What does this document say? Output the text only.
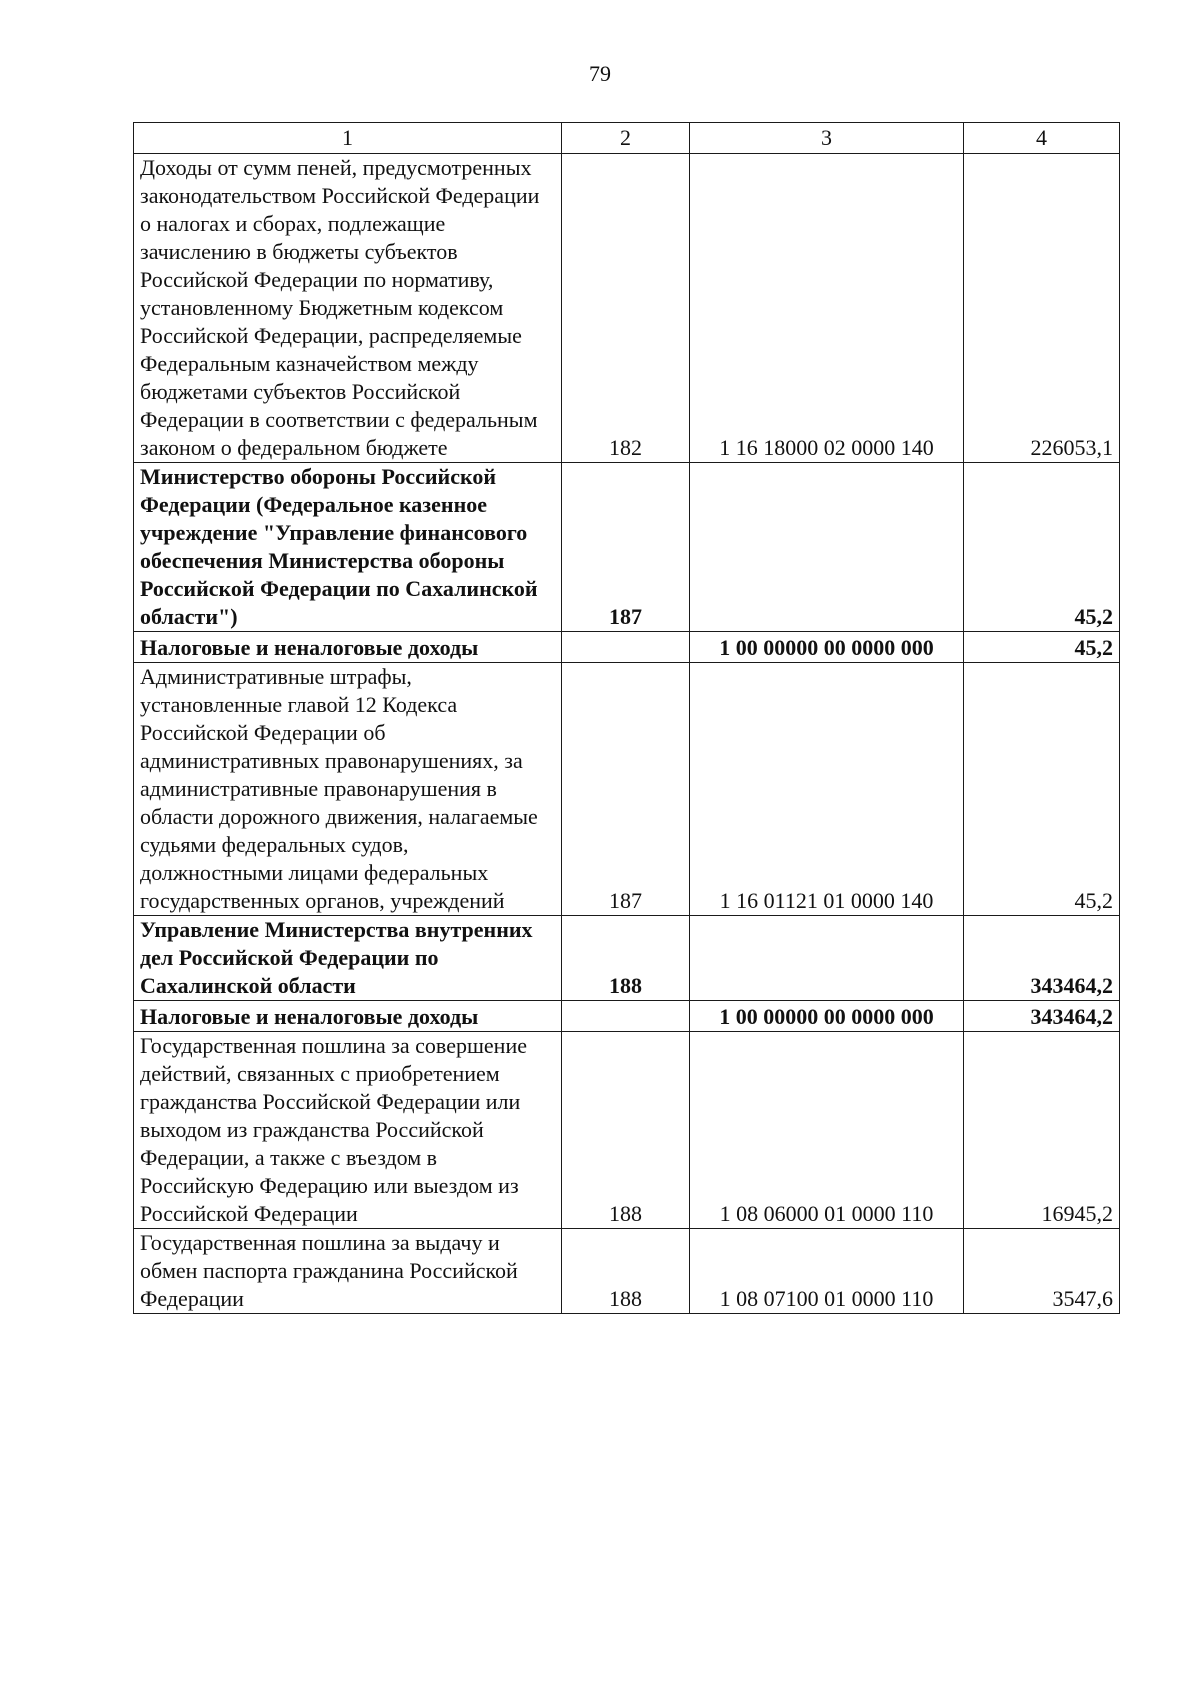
79
1	2	3	4
Доходы от сумм пеней, предусмотренных законодательством Российской Федерации о налогах и сборах, подлежащие зачислению в бюджеты субъектов Российской Федерации по нормативу, установленному Бюджетным кодексом Российской Федерации, распределяемые Федеральным казначейством между бюджетами субъектов Российской Федерации в соответствии с федеральным законом о федеральном бюджете	182	1 16 18000 02 0000 140	226053,1
Министерство обороны Российской Федерации (Федеральное казенное учреждение "Управление финансового обеспечения Министерства обороны Российской Федерации по Сахалинской области")	187		45,2
Налоговые и неналоговые доходы		1 00 00000 00 0000 000	45,2
Административные штрафы, установленные главой 12 Кодекса Российской Федерации об административных правонарушениях, за административные правонарушения в области дорожного движения, налагаемые судьями федеральных судов, должностными лицами федеральных государственных органов, учреждений	187	1 16 01121 01 0000 140	45,2
Управление Министерства внутренних дел Российской Федерации по Сахалинской области	188		343464,2
Налоговые и неналоговые доходы		1 00 00000 00 0000 000	343464,2
Государственная пошлина за совершение действий, связанных с приобретением гражданства Российской Федерации или выходом из гражданства Российской Федерации, а также с въездом в Российскую Федерацию или выездом из Российской Федерации	188	1 08 06000 01 0000 110	16945,2
Государственная пошлина за выдачу и обмен паспорта гражданина Российской Федерации	188	1 08 07100 01 0000 110	3547,6
